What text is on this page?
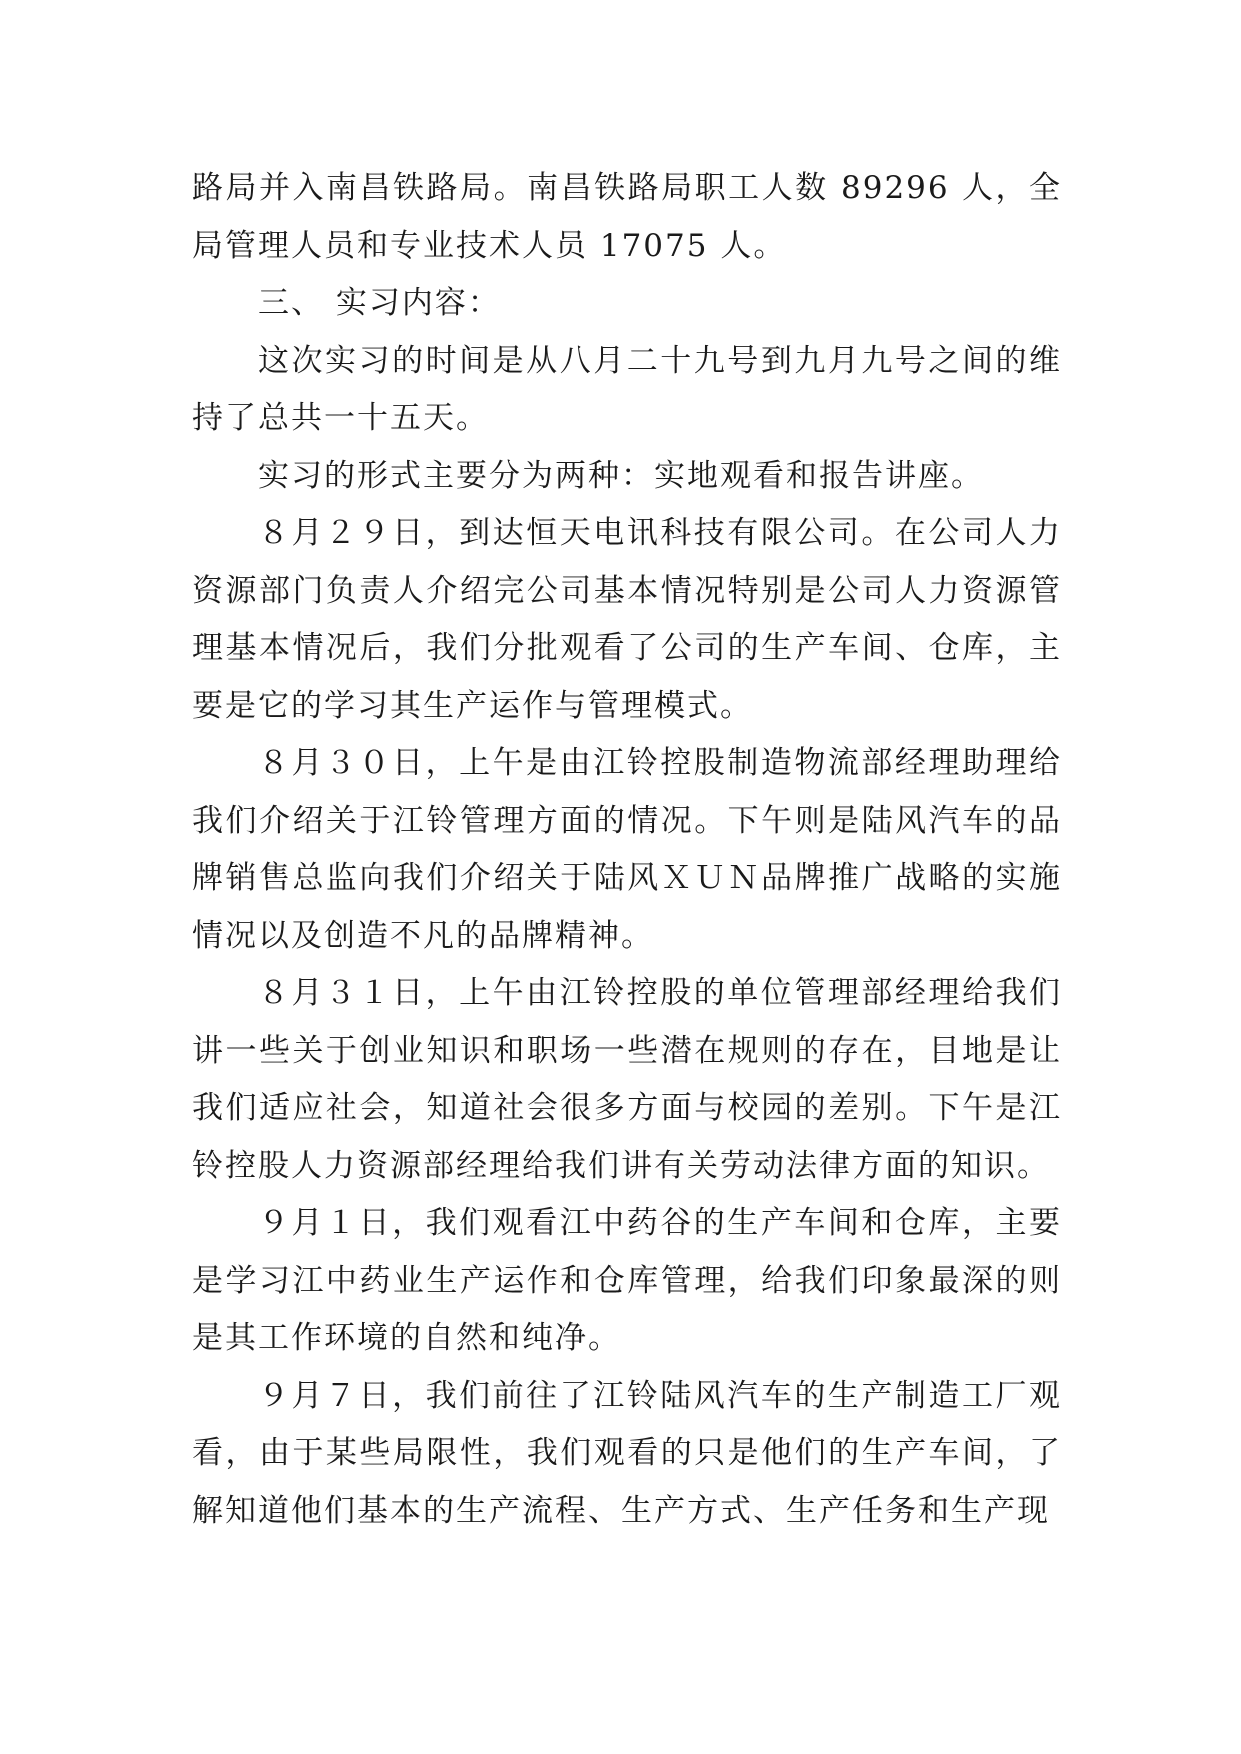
路局并入南昌铁路局。南昌铁路局职工人数 89296 人，全局管理人员和专业技术人员 17075 人。

三、 实习内容：

这次实习的时间是从八月二十九号到九月九号之间的维持了总共一十五天。

实习的形式主要分为两种：实地观看和报告讲座。

８月２９日，到达恒天电讯科技有限公司。在公司人力资源部门负责人介绍完公司基本情况特别是公司人力资源管理基本情况后，我们分批观看了公司的生产车间、仓库，主要是它的学习其生产运作与管理模式。

８月３０日，上午是由江铃控股制造物流部经理助理给我们介绍关于江铃管理方面的情况。下午则是陆风汽车的品牌销售总监向我们介绍关于陆风ＸＵＮ品牌推广战略的实施情况以及创造不凡的品牌精神。

８月３１日，上午由江铃控股的单位管理部经理给我们讲一些关于创业知识和职场一些潜在规则的存在，目地是让我们适应社会，知道社会很多方面与校园的差别。下午是江铃控股人力资源部经理给我们讲有关劳动法律方面的知识。

９月１日，我们观看江中药谷的生产车间和仓库，主要是学习江中药业生产运作和仓库管理，给我们印象最深的则是其工作环境的自然和纯净。

９月７日，我们前往了江铃陆风汽车的生产制造工厂观看，由于某些局限性，我们观看的只是他们的生产车间，了解知道他们基本的生产流程、生产方式、生产任务和生产现
